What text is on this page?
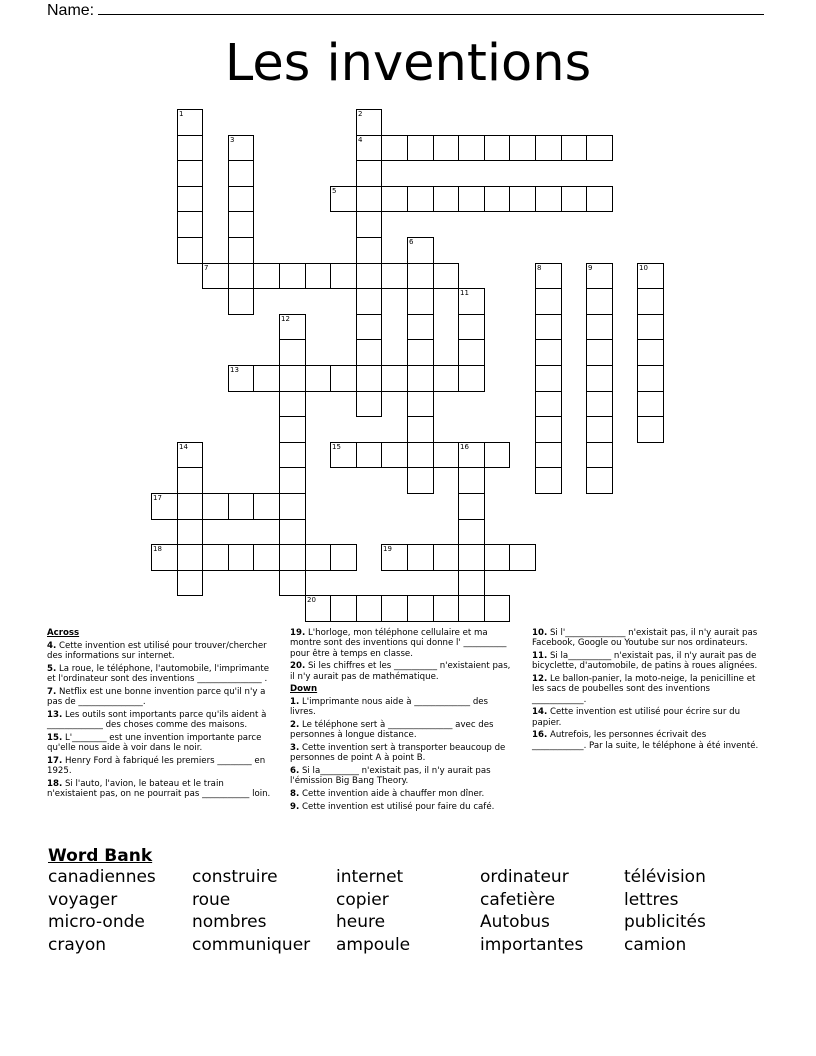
Name:
Les inventions
1	2
3	4
5
6
7	8	9	10
11
12
13
14	15	16
17
18	19
20

Across

4. Cette invention est utilisé pour trouver/chercher des informations sur internet.

5. La roue, le téléphone, l'automobile, l'imprimante et l'ordinateur sont des inventions _______________ .

7. Netflix est une bonne invention parce qu'il n'y a pas de _______________.

13. Les outils sont importants parce qu'ils aident à _____________ des choses comme des maisons.

15. L'________ est une invention importante parce qu'elle nous aide à voir dans le noir.

17. Henry Ford à fabriqué les premiers ________ en 1925.

18. Si l'auto, l'avion, le bateau et le train n'existaient pas, on ne pourrait pas ___________ loin.

19. L'horloge, mon téléphone cellulaire et ma montre sont des inventions qui donne l' __________ pour être à temps en classe.

20. Si les chiffres et les __________ n'existaient pas, il n'y aurait pas de mathématique.

Down

1. L'imprimante nous aide à _____________ des livres.

2. Le téléphone sert à _______________ avec des personnes à longue distance.

3. Cette invention sert à transporter beaucoup de personnes de point A à point B.

6. Si la_________ n'existait pas, il n'y aurait pas l'émission Big Bang Theory.

8. Cette invention aide à chauffer mon dîner.

9. Cette invention est utilisé pour faire du café.

10. Si l'______________ n'existait pas, il n'y aurait pas Facebook, Google ou Youtube sur nos ordinateurs.

11. Si la__________ n'existait pas, il n'y aurait pas de bicyclette, d'automobile, de patins à roues alignées.

12. Le ballon-panier, la moto-neige, la penicilline et les sacs de poubelles sont des inventions ____________.

14. Cette invention est utilisé pour écrire sur du papier.

16. Autrefois, les personnes écrivait des ____________. Par la suite, le téléphone à été inventé.

Word Bank
canadiennes	construire	internet	ordinateur	télévision
voyager	roue	copier	cafetière	lettres
micro-onde	nombres	heure	Autobus	publicités
crayon	communiquer	ampoule	importantes	camion
